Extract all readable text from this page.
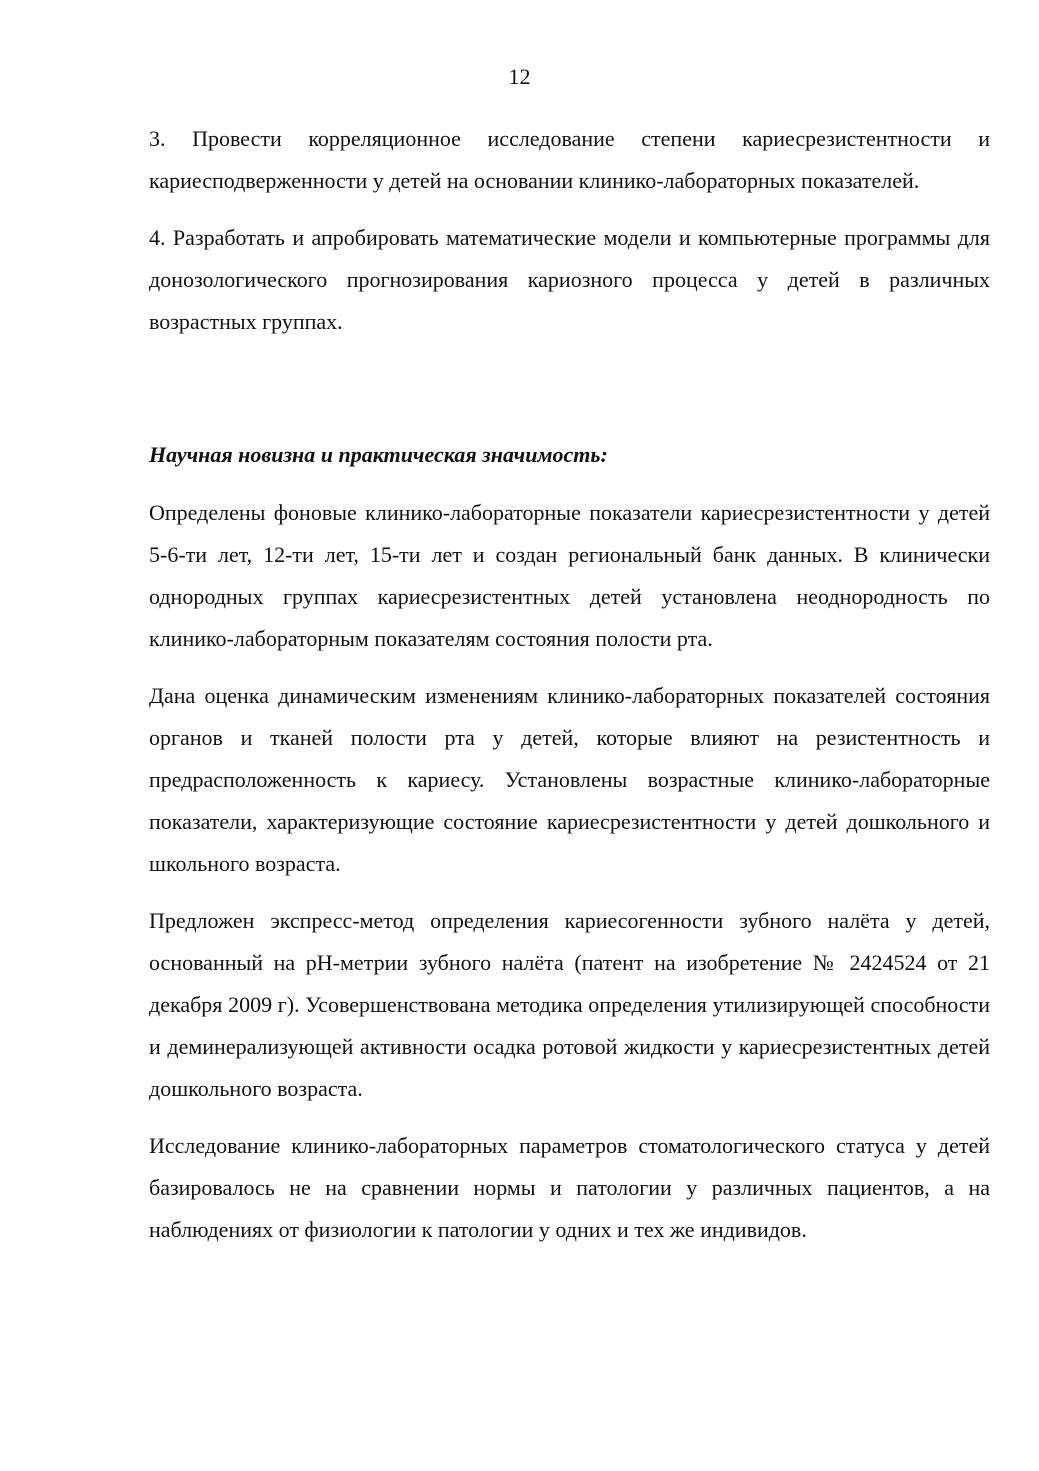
12

3. Провести корреляционное исследование степени кариесрезистентности и кариесподверженности у детей на основании клинико-лабораторных показателей.

4. Разработать и апробировать математические модели и компьютерные программы для донозологического прогнозирования кариозного процесса у детей в различных возрастных группах.

Научная новизна и практическая значимость:

Определены фоновые клинико-лабораторные показатели кариесрезистентности у детей 5-6-ти лет, 12-ти лет, 15-ти лет и создан региональный банк данных. В клинически однородных группах кариесрезистентных детей установлена неоднородность по клинико-лабораторным показателям состояния полости рта.

Дана оценка динамическим изменениям клинико-лабораторных показателей состояния органов и тканей полости рта у детей, которые влияют на резистентность и предрасположенность к кариесу. Установлены возрастные клинико-лабораторные показатели, характеризующие состояние кариесрезистентности у детей дошкольного и школьного возраста.

Предложен экспресс-метод определения кариесогенности зубного налёта у детей, основанный на pH-метрии зубного налёта (патент на изобретение № 2424524 от 21 декабря 2009 г). Усовершенствована методика определения утилизирующей способности и деминерализующей активности осадка ротовой жидкости у кариесрезистентных детей дошкольного возраста.

Исследование клинико-лабораторных параметров стоматологического статуса у детей базировалось не на сравнении нормы и патологии у различных пациентов, а на наблюдениях от физиологии к патологии у одних и тех же индивидов.
